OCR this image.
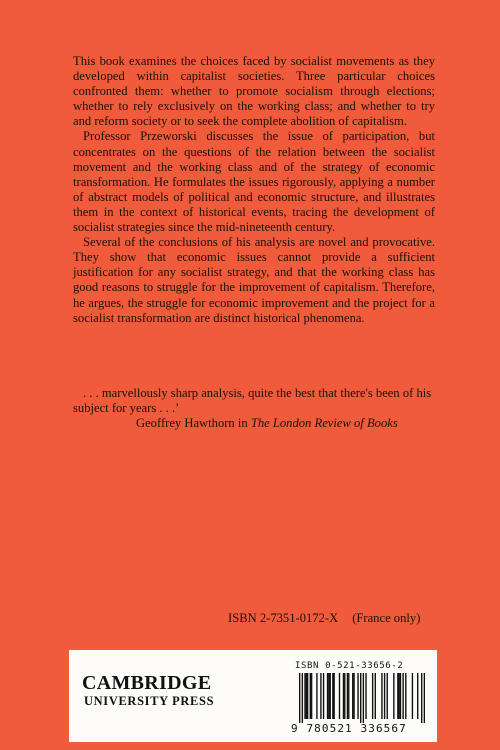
This book examines the choices faced by socialist movements as they developed within capitalist societies. Three particular choices confronted them: whether to promote socialism through elections; whether to rely exclusively on the working class; and whether to try and reform society or to seek the complete abolition of capitalism.

Professor Przeworski discusses the issue of participation, but concentrates on the questions of the relation between the socialist movement and the working class and of the strategy of economic transformation. He formulates the issues rigorously, applying a number of abstract models of political and economic structure, and illustrates them in the context of historical events, tracing the development of socialist strategies since the mid-nineteenth century.

Several of the conclusions of his analysis are novel and provocative. They show that economic issues cannot provide a sufficient justification for any socialist strategy, and that the working class has good reasons to struggle for the improvement of capitalism. Therefore, he argues, the struggle for economic improvement and the project for a socialist transformation are distinct historical phenomena.

. . . marvellously sharp analysis, quite the best that there's been of his subject for years . . .’
Geoffrey Hawthorn in The London Review of Books
ISBN 2-7351-0172-X (France only)
CAMBRIDGE
UNIVERSITY PRESS
ISBN 0-521-33656-2
9 780521 336567
